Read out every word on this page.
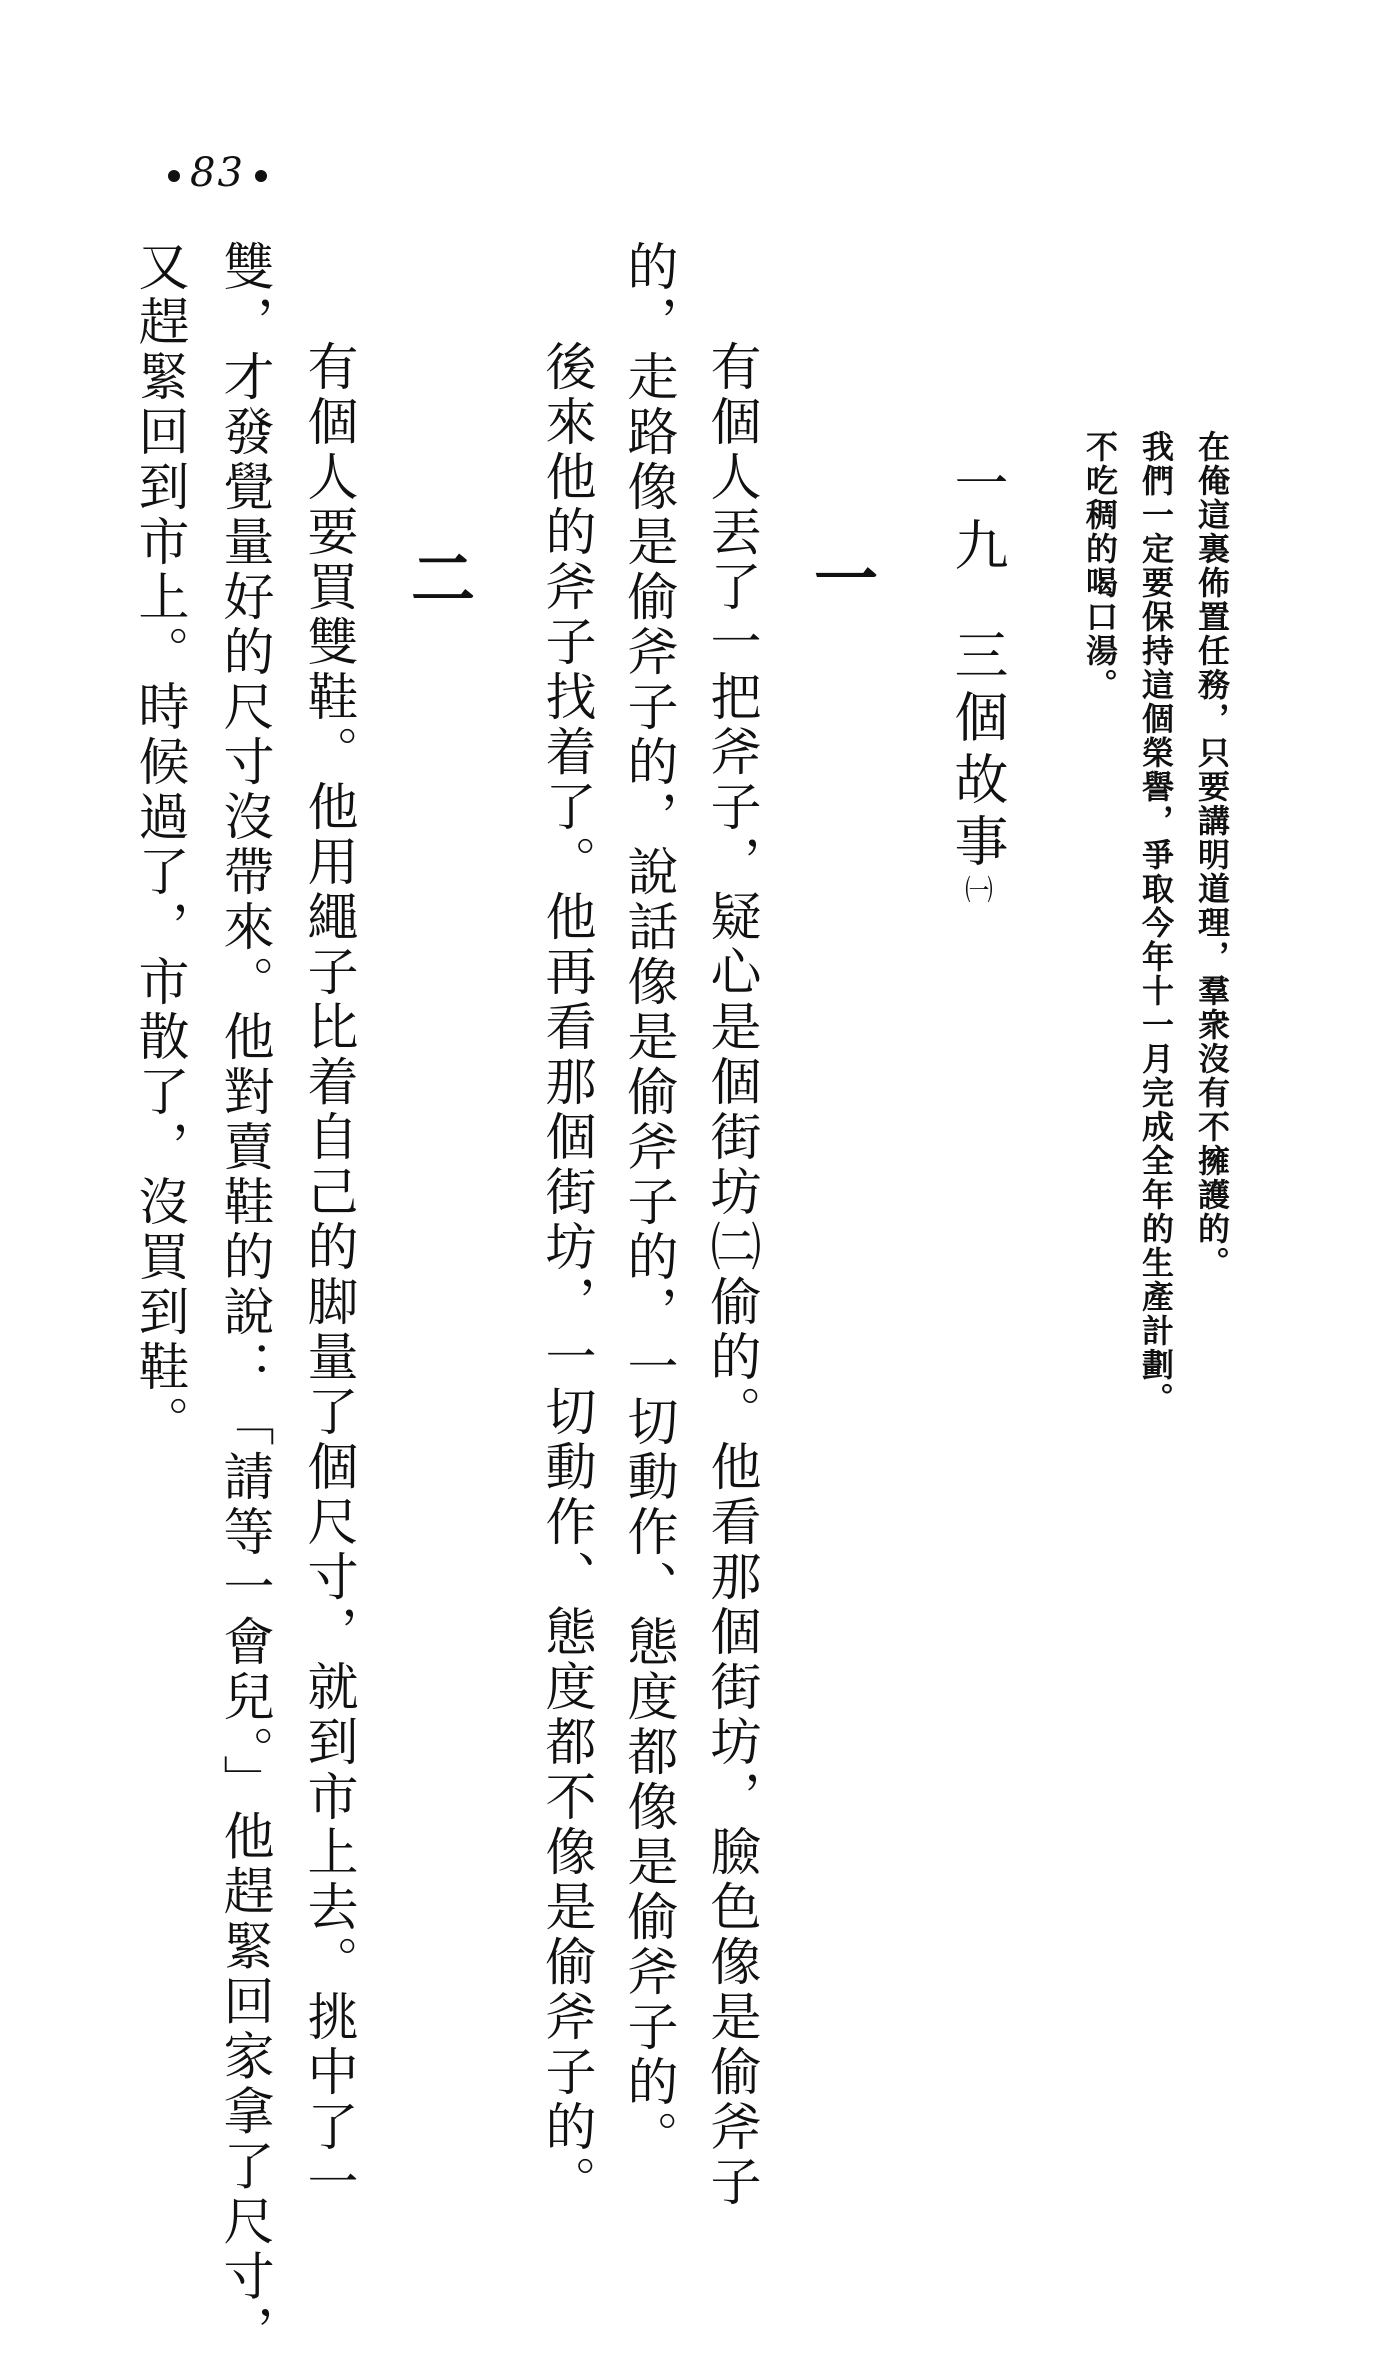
83
在俺這裏佈置任務，只要講明道理，羣衆沒有不擁護的。
我們一定要保持這個榮譽，爭取今年十一月完成全年的生產計劃。
不吃稠的喝口湯。
一九三個故事㈠
一
有個人丟了一把斧子，疑心是個街坊㈡偷的。他看那個街坊，臉色像是偷斧子
的，走路像是偷斧子的，說話像是偷斧子的，一切動作、態度都像是偷斧子的。
後來他的斧子找着了。他再看那個街坊，一切動作、態度都不像是偷斧子的。
二
有個人要買雙鞋。他用繩子比着自己的脚量了個尺寸，就到市上去。挑中了一
雙，才發覺量好的尺寸沒帶來。他對賣鞋的說：「請等一會兒。」他趕緊回家拿了尺寸，
又趕緊回到市上。時候過了，市散了，沒買到鞋。
